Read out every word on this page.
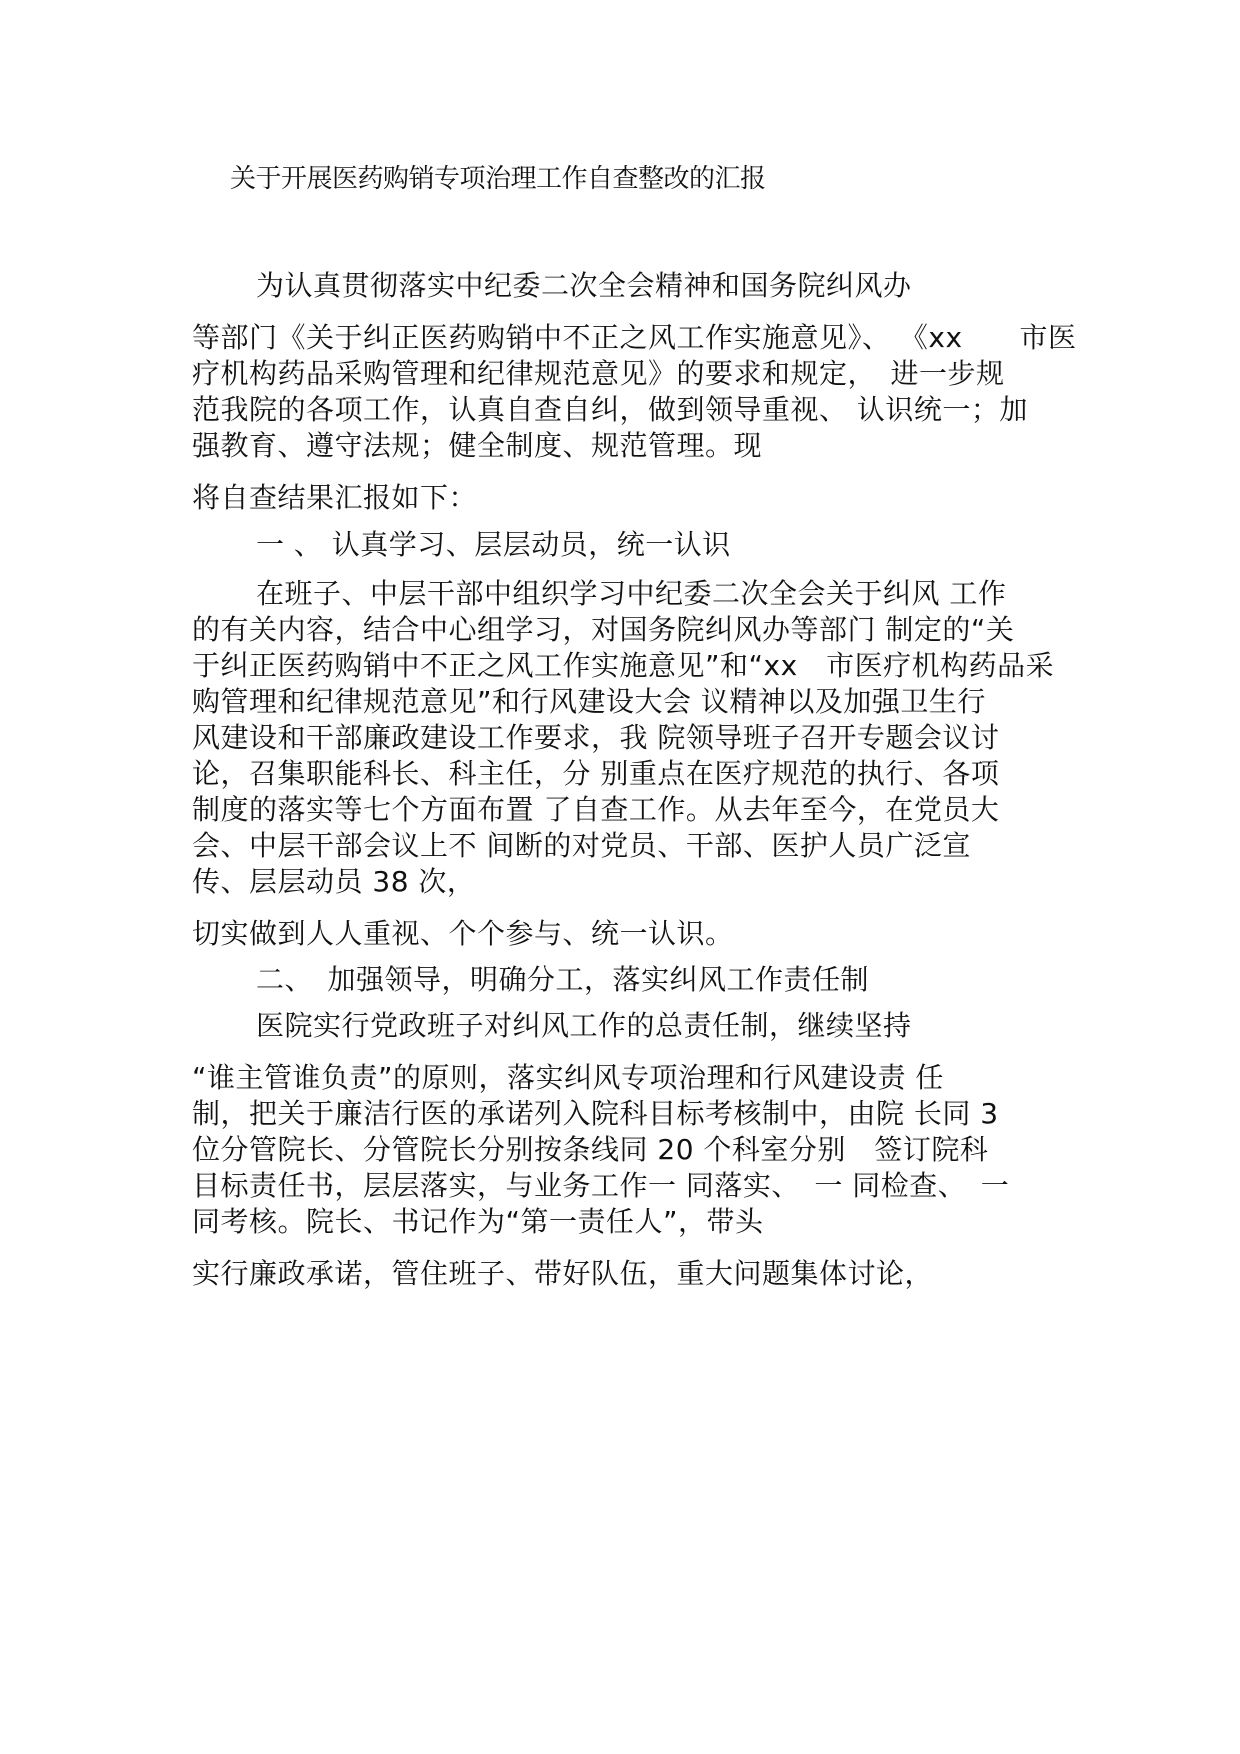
关于开展医药购销专项治理工作自查整改的汇报

为认真贯彻落实中纪委二次全会精神和国务院纠风办

等部门《关于纠正医药购销中不正之风工作实施意见》、 《xx　　市医

疗机构药品采购管理和纪律规范意见》的要求和规定，　进一步规

范我院的各项工作，认真自查自纠，做到领导重视、 认识统一；加

强教育、遵守法规；健全制度、规范管理。现

将自查结果汇报如下：

一 、 认真学习、层层动员，统一认识

在班子、中层干部中组织学习中纪委二次全会关于纠风 工作

的有关内容，结合中心组学习，对国务院纠风办等部门 制定的“关

于纠正医药购销中不正之风工作实施意见”和“xx　市医疗机构药品采

购管理和纪律规范意见”和行风建设大会 议精神以及加强卫生行

风建设和干部廉政建设工作要求，我 院领导班子召开专题会议讨

论，召集职能科长、科主任，分 别重点在医疗规范的执行、各项

制度的落实等七个方面布置 了自查工作。从去年至今，在党员大

会、中层干部会议上不 间断的对党员、干部、医护人员广泛宣

传、层层动员 38 次，

切实做到人人重视、个个参与、统一认识。

二、　加强领导，明确分工，落实纠风工作责任制

医院实行党政班子对纠风工作的总责任制，继续坚持

“谁主管谁负责”的原则，落实纠风专项治理和行风建设责 任

制，把关于廉洁行医的承诺列入院科目标考核制中，由院 长同 3

位分管院长、分管院长分别按条线同 20 个科室分别　签订院科

目标责任书，层层落实，与业务工作一 同落实、　一 同检查、　一

同考核。院长、书记作为“第一责任人”，带头

实行廉政承诺，管住班子、带好队伍，重大问题集体讨论，
